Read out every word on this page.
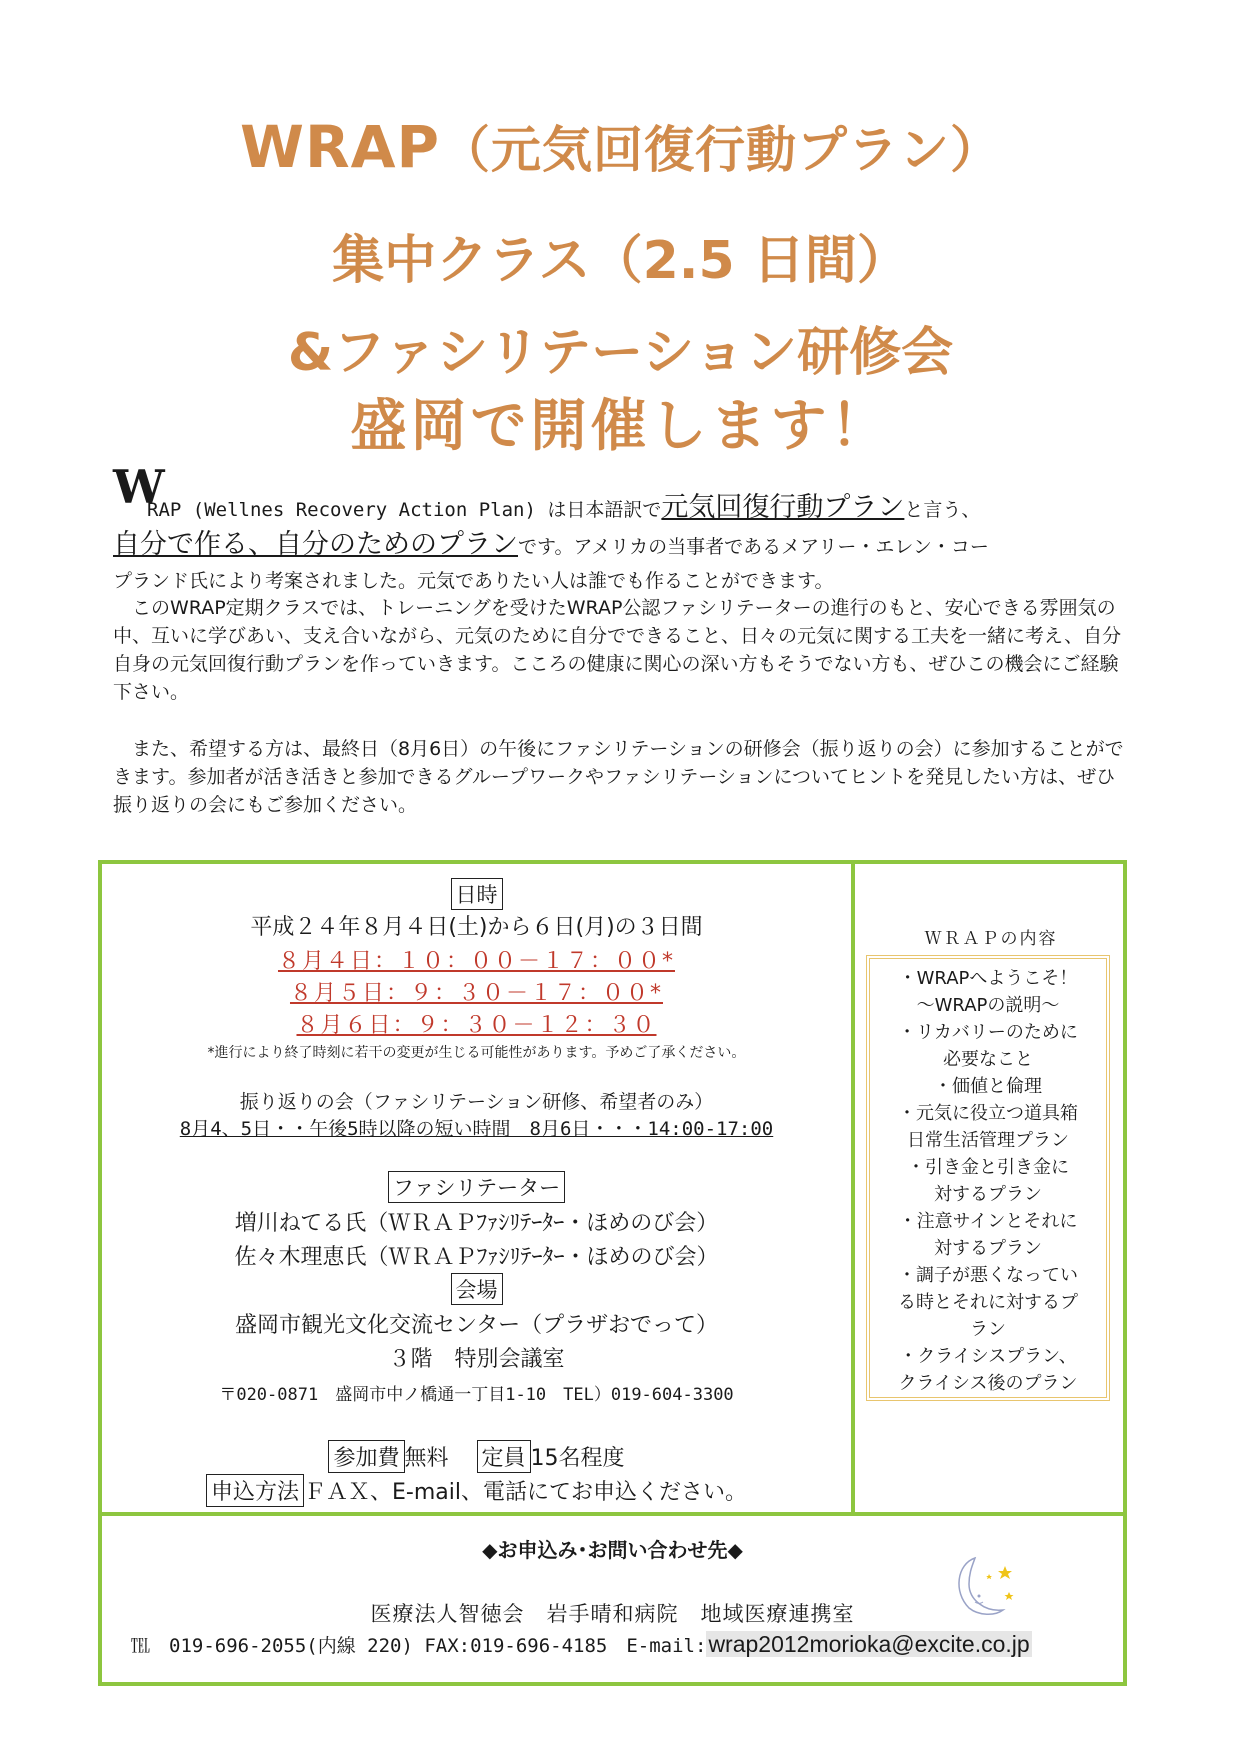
WRAP（元気回復行動プラン）
集中クラス（2.5 日間）
&ファシリテーション研修会
盛岡で開催します！
W
RAP (Wellnes Recovery Action Plan) は日本語訳で元気回復行動プランと言う、
自分で作る、自分のためのプランです。アメリカの当事者であるメアリー・エレン・コー
プランド氏により考案されました。元気でありたい人は誰でも作ることができます。
このWRAP定期クラスでは、トレーニングを受けたWRAP公認ファシリテーターの進行のもと、安心できる雰囲気の中、互いに学びあい、支え合いながら、元気のために自分でできること、日々の元気に関する工夫を一緒に考え、自分自身の元気回復行動プランを作っていきます。こころの健康に関心の深い方もそうでない方も、ぜひこの機会にご経験下さい。
また、希望する方は、最終日（8月6日）の午後にファシリテーションの研修会（振り返りの会）に参加することができます。参加者が活き活きと参加できるグループワークやファシリテーションについてヒントを発見したい方は、ぜひ振り返りの会にもご参加ください。
日時
平成２４年８月４日(土)から６日(月)の３日間
８月４日：１０：００－１７：００*
８月５日：９：３０－１７：００*
８月６日：９：３０－１２：３０
*進行により終了時刻に若干の変更が生じる可能性があります。予めご了承ください。
振り返りの会（ファシリテーション研修、希望者のみ）
8月4、5日・・午後5時以降の短い時間　8月6日・・・14:00-17:00
ファシリテーター
増川ねてる氏（ＷＲＡＰﾌｧｼﾘﾃｰﾀｰ・ほめのび会）
佐々木理恵氏（ＷＲＡＰﾌｧｼﾘﾃｰﾀｰ・ほめのび会）
会場
盛岡市観光文化交流センター（プラザおでって）
３階　特別会議室
〒020-0871　盛岡市中ノ橋通一丁目1-10　TEL）019-604-3300
参加費 無料 定員 15名程度
申込方法 ＦＡＸ、E-mail、電話にてお申込ください。
ＷＲＡＰの内容
・WRAPへようこそ！
～WRAPの説明～
・リカバリーのために
必要なこと
・価値と倫理
・元気に役立つ道具箱
日常生活管理プラン
・引き金と引き金に
対するプラン
・注意サインとそれに
対するプラン
・調子が悪くなってい
る時とそれに対するプ
ラン
・クライシスプラン、
クライシス後のプラン
◆お申込み･お問い合わせ先◆
医療法人智徳会　岩手晴和病院　地域医療連携室
℡　019-696-2055(内線 220) FAX:019-696-4185　E-mail:wrap2012morioka@excite.co.jp
